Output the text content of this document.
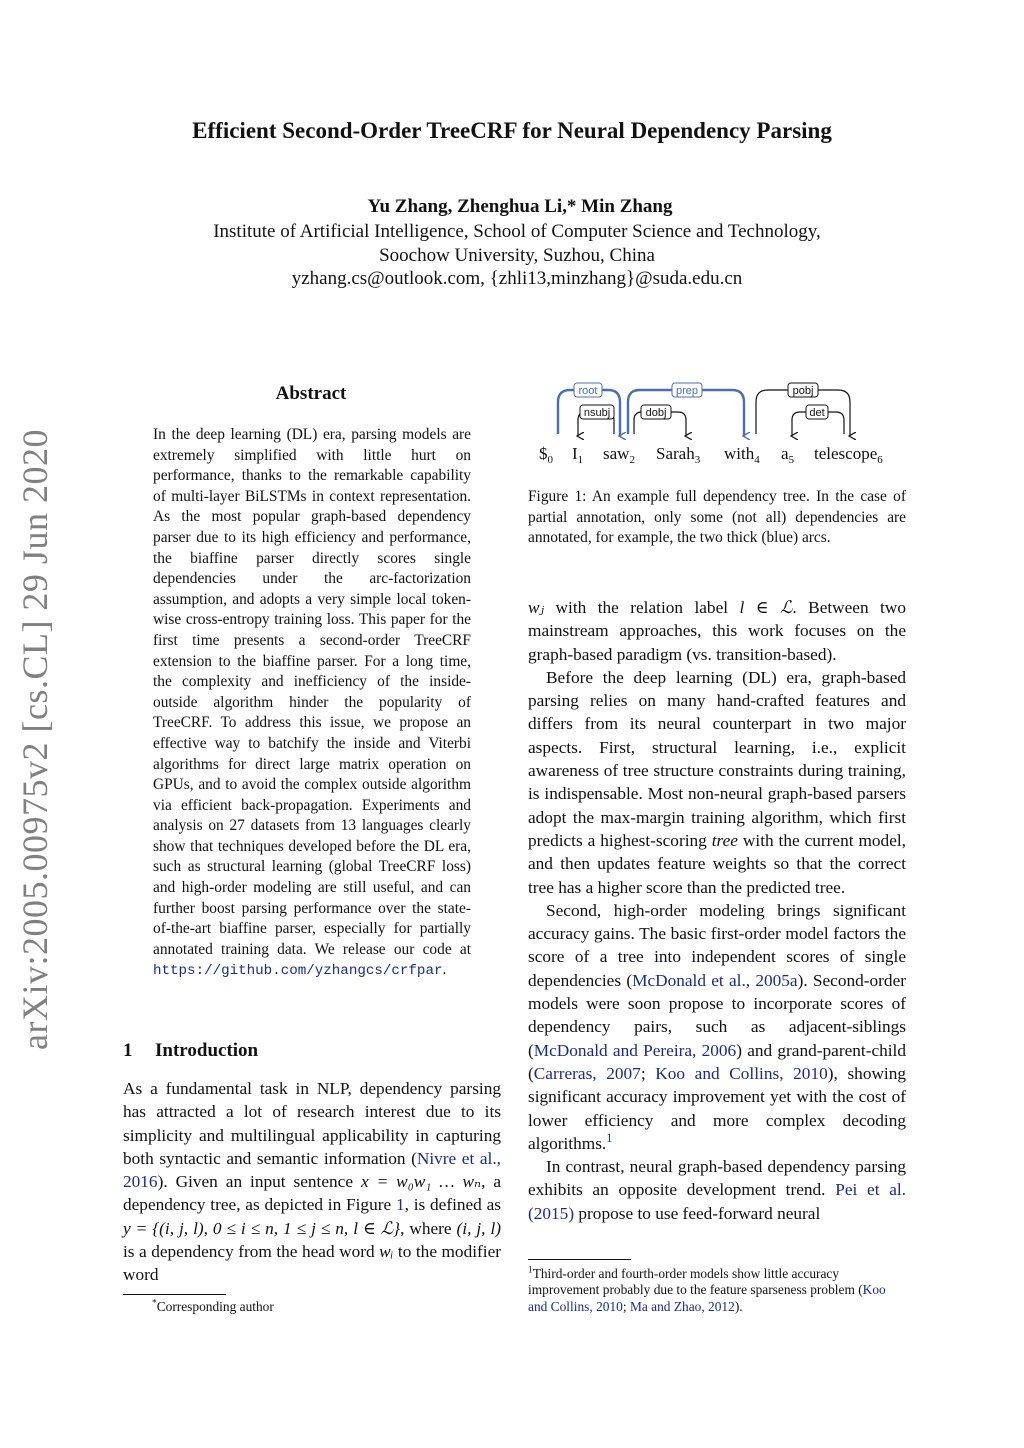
Efficient Second-Order TreeCRF for Neural Dependency Parsing
Yu Zhang, Zhenghua Li,* Min Zhang
Institute of Artificial Intelligence, School of Computer Science and Technology,
Soochow University, Suzhou, China
yzhang.cs@outlook.com, {zhli13,minzhang}@suda.edu.cn
arXiv:2005.00975v2 [cs.CL] 29 Jun 2020
Abstract
In the deep learning (DL) era, parsing models are extremely simplified with little hurt on performance, thanks to the remarkable capability of multi-layer BiLSTMs in context representation. As the most popular graph-based dependency parser due to its high efficiency and performance, the biaffine parser directly scores single dependencies under the arc-factorization assumption, and adopts a very simple local token-wise cross-entropy training loss. This paper for the first time presents a second-order TreeCRF extension to the biaffine parser. For a long time, the complexity and inefficiency of the inside-outside algorithm hinder the popularity of TreeCRF. To address this issue, we propose an effective way to batchify the inside and Viterbi algorithms for direct large matrix operation on GPUs, and to avoid the complex outside algorithm via efficient back-propagation. Experiments and analysis on 27 datasets from 13 languages clearly show that techniques developed before the DL era, such as structural learning (global TreeCRF loss) and high-order modeling are still useful, and can further boost parsing performance over the state-of-the-art biaffine parser, especially for partially annotated training data. We release our code at https://github.com/yzhangcs/crfpar.
1 Introduction

As a fundamental task in NLP, dependency parsing has attracted a lot of research interest due to its simplicity and multilingual applicability in capturing both syntactic and semantic information (Nivre et al., 2016). Given an input sentence x = w₀w₁ … wₙ, a dependency tree, as depicted in Figure 1, is defined as y = {(i, j, l), 0 ≤ i ≤ n, 1 ≤ j ≤ n, l ∈ ℒ}, where (i, j, l) is a dependency from the head word wᵢ to the modifier word

*Corresponding author
root
nsubj
prep
dobj
pobj
det
$\$_0$ $I_1$ saw$_2$ Sarah$_3$ with$_4$ $a_5$ telescope$_6$
Figure 1: An example full dependency tree. In the case of partial annotation, only some (not all) dependencies are annotated, for example, the two thick (blue) arcs.

wⱼ with the relation label l ∈ ℒ. Between two mainstream approaches, this work focuses on the graph-based paradigm (vs. transition-based).

Before the deep learning (DL) era, graph-based parsing relies on many hand-crafted features and differs from its neural counterpart in two major aspects. First, structural learning, i.e., explicit awareness of tree structure constraints during training, is indispensable. Most non-neural graph-based parsers adopt the max-margin training algorithm, which first predicts a highest-scoring tree with the current model, and then updates feature weights so that the correct tree has a higher score than the predicted tree.

Second, high-order modeling brings significant accuracy gains. The basic first-order model factors the score of a tree into independent scores of single dependencies (McDonald et al., 2005a). Second-order models were soon propose to incorporate scores of dependency pairs, such as adjacent-siblings (McDonald and Pereira, 2006) and grand-parent-child (Carreras, 2007; Koo and Collins, 2010), showing significant accuracy improvement yet with the cost of lower efficiency and more complex decoding algorithms.$^1$

In contrast, neural graph-based dependency parsing exhibits an opposite development trend. Pei et al. (2015) propose to use feed-forward neural

$^1$Third-order and fourth-order models show little accuracy improvement probably due to the feature sparseness problem (Koo and Collins, 2010; Ma and Zhao, 2012).
